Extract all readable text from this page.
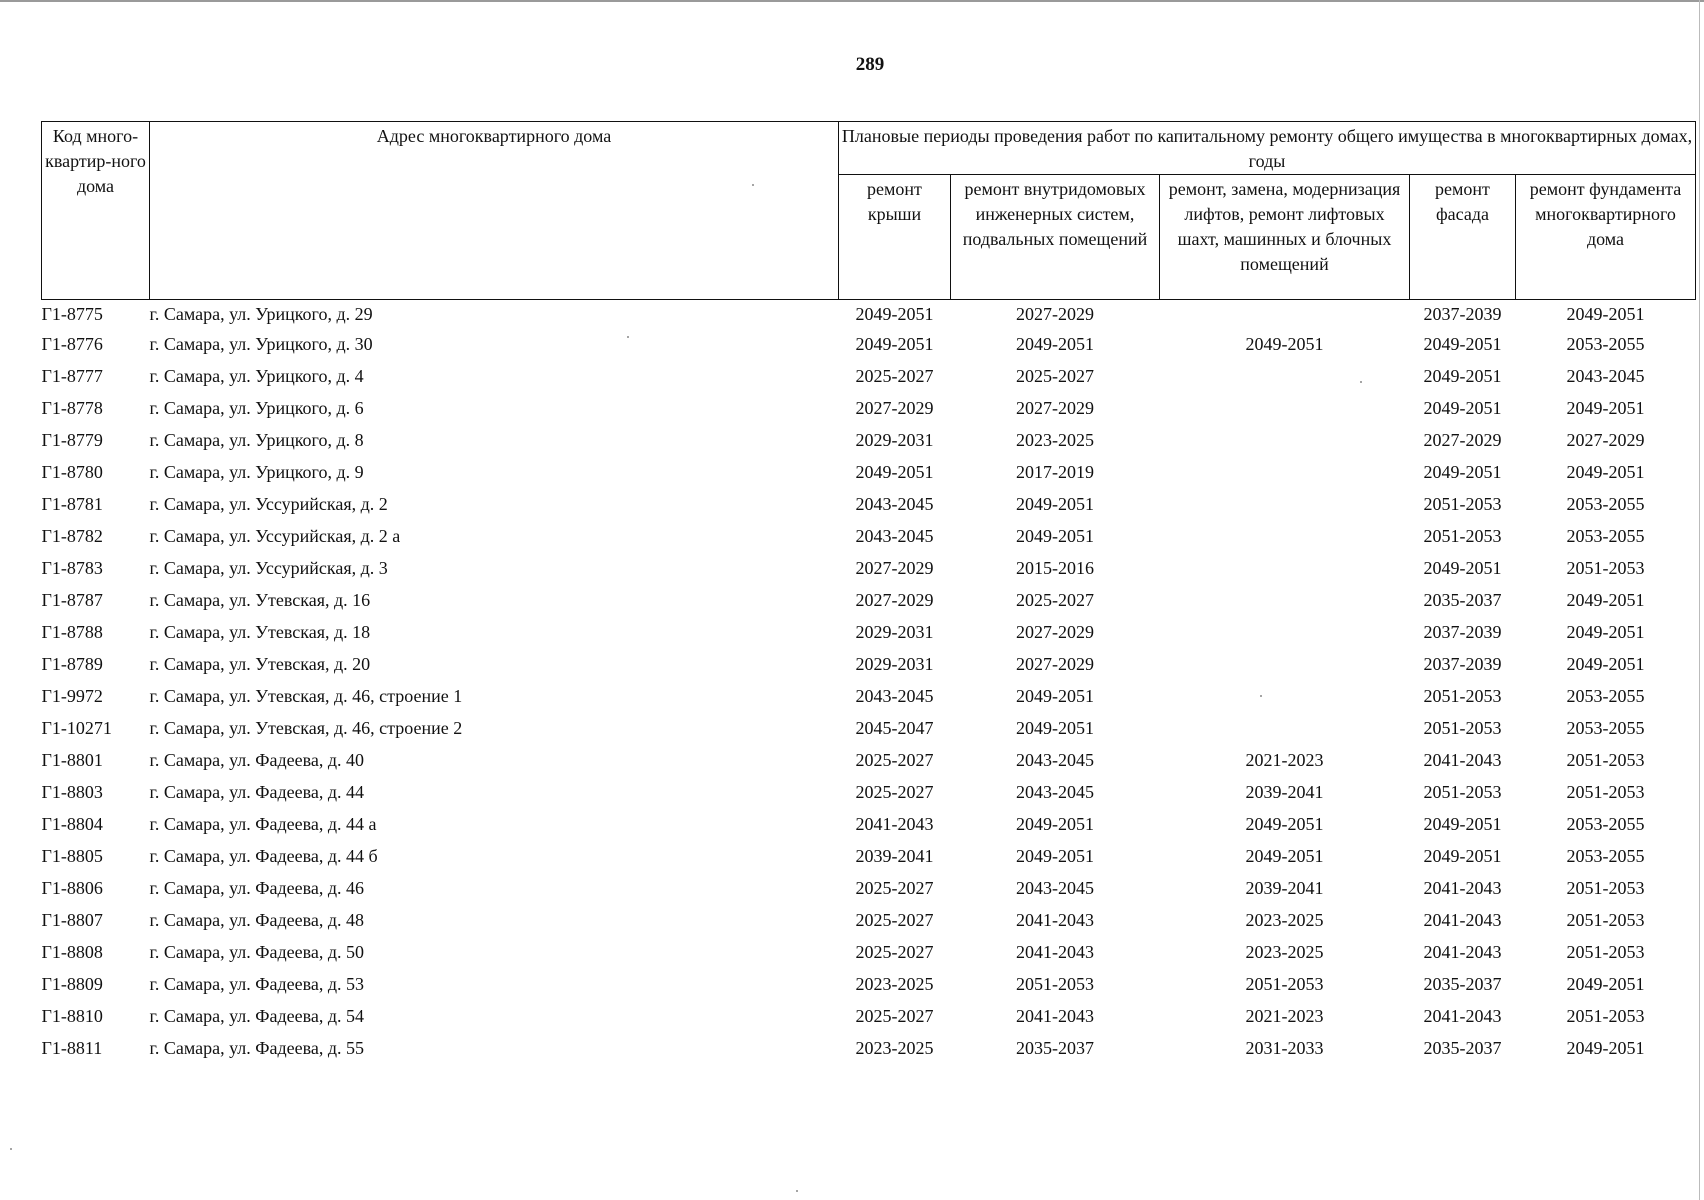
289
Код много-квартир-ного дома	Адрес многоквартирного дома	Плановые периоды проведения работ по капитальному ремонту общего имущества в многоквартирных домах, годы				
		ремонт крыши	ремонт внутридомовых инженерных систем, подвальных помещений	ремонт, замена, модернизация лифтов, ремонт лифтовых шахт, машинных и блочных помещений	ремонт фасада	ремонт фундамента многоквартирного дома
Г1-8775	г. Самара, ул. Урицкого, д. 29	2049-2051	2027-2029		2037-2039	2049-2051
Г1-8776	г. Самара, ул. Урицкого, д. 30	2049-2051	2049-2051	2049-2051	2049-2051	2053-2055
Г1-8777	г. Самара, ул. Урицкого, д. 4	2025-2027	2025-2027		2049-2051	2043-2045
Г1-8778	г. Самара, ул. Урицкого, д. 6	2027-2029	2027-2029		2049-2051	2049-2051
Г1-8779	г. Самара, ул. Урицкого, д. 8	2029-2031	2023-2025		2027-2029	2027-2029
Г1-8780	г. Самара, ул. Урицкого, д. 9	2049-2051	2017-2019		2049-2051	2049-2051
Г1-8781	г. Самара, ул. Уссурийская, д. 2	2043-2045	2049-2051		2051-2053	2053-2055
Г1-8782	г. Самара, ул. Уссурийская, д. 2 а	2043-2045	2049-2051		2051-2053	2053-2055
Г1-8783	г. Самара, ул. Уссурийская, д. 3	2027-2029	2015-2016		2049-2051	2051-2053
Г1-8787	г. Самара, ул. Утевская, д. 16	2027-2029	2025-2027		2035-2037	2049-2051
Г1-8788	г. Самара, ул. Утевская, д. 18	2029-2031	2027-2029		2037-2039	2049-2051
Г1-8789	г. Самара, ул. Утевская, д. 20	2029-2031	2027-2029		2037-2039	2049-2051
Г1-9972	г. Самара, ул. Утевская, д. 46, строение 1	2043-2045	2049-2051		2051-2053	2053-2055
Г1-10271	г. Самара, ул. Утевская, д. 46, строение 2	2045-2047	2049-2051		2051-2053	2053-2055
Г1-8801	г. Самара, ул. Фадеева, д. 40	2025-2027	2043-2045	2021-2023	2041-2043	2051-2053
Г1-8803	г. Самара, ул. Фадеева, д. 44	2025-2027	2043-2045	2039-2041	2051-2053	2051-2053
Г1-8804	г. Самара, ул. Фадеева, д. 44 а	2041-2043	2049-2051	2049-2051	2049-2051	2053-2055
Г1-8805	г. Самара, ул. Фадеева, д. 44 б	2039-2041	2049-2051	2049-2051	2049-2051	2053-2055
Г1-8806	г. Самара, ул. Фадеева, д. 46	2025-2027	2043-2045	2039-2041	2041-2043	2051-2053
Г1-8807	г. Самара, ул. Фадеева, д. 48	2025-2027	2041-2043	2023-2025	2041-2043	2051-2053
Г1-8808	г. Самара, ул. Фадеева, д. 50	2025-2027	2041-2043	2023-2025	2041-2043	2051-2053
Г1-8809	г. Самара, ул. Фадеева, д. 53	2023-2025	2051-2053	2051-2053	2035-2037	2049-2051
Г1-8810	г. Самара, ул. Фадеева, д. 54	2025-2027	2041-2043	2021-2023	2041-2043	2051-2053
Г1-8811	г. Самара, ул. Фадеева, д. 55	2023-2025	2035-2037	2031-2033	2035-2037	2049-2051
